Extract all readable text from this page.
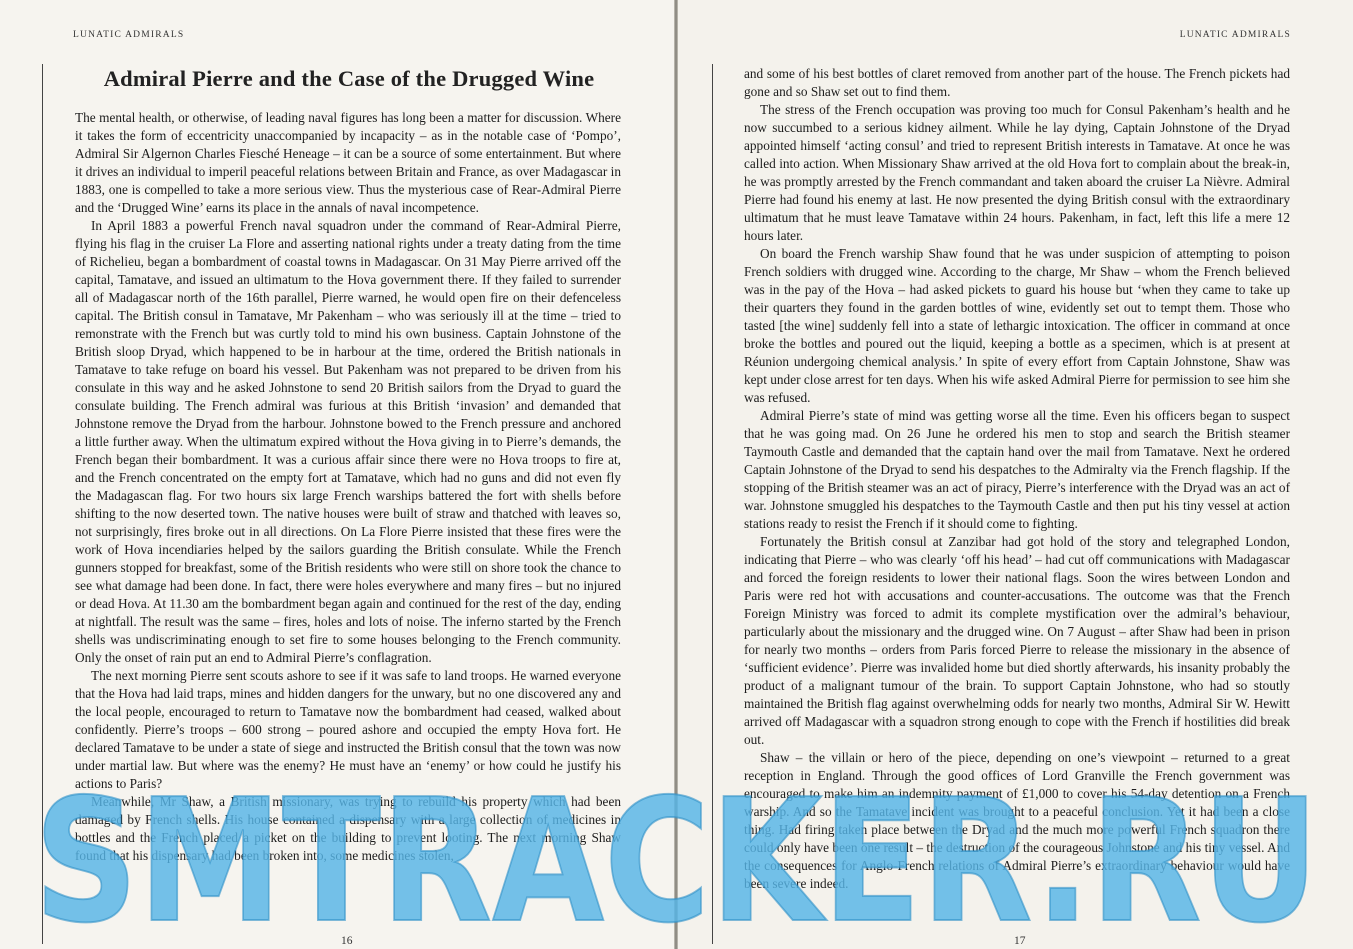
LUNATIC ADMIRALS
Admiral Pierre and the Case of the Drugged Wine

The mental health, or otherwise, of leading naval figures has long been a matter for discussion. Where it takes the form of eccentricity unaccompanied by incapacity – as in the notable case of ‘Pompo’, Admiral Sir Algernon Charles Fiesché Heneage – it can be a source of some entertainment. But where it drives an individual to imperil peaceful relations between Britain and France, as over Madagascar in 1883, one is compelled to take a more serious view. Thus the mysterious case of Rear-Admiral Pierre and the ‘Drugged Wine’ earns its place in the annals of naval incompetence.

In April 1883 a powerful French naval squadron under the command of Rear-Admiral Pierre, flying his flag in the cruiser La Flore and asserting national rights under a treaty dating from the time of Richelieu, began a bombardment of coastal towns in Madagascar. On 31 May Pierre arrived off the capital, Tamatave, and issued an ultimatum to the Hova government there. If they failed to surrender all of Madagascar north of the 16th parallel, Pierre warned, he would open fire on their defenceless capital. The British consul in Tamatave, Mr Pakenham – who was seriously ill at the time – tried to remonstrate with the French but was curtly told to mind his own business. Captain Johnstone of the British sloop Dryad, which happened to be in harbour at the time, ordered the British nationals in Tamatave to take refuge on board his vessel. But Pakenham was not prepared to be driven from his consulate in this way and he asked Johnstone to send 20 British sailors from the Dryad to guard the consulate building. The French admiral was furious at this British ‘invasion’ and demanded that Johnstone remove the Dryad from the harbour. Johnstone bowed to the French pressure and anchored a little further away. When the ultimatum expired without the Hova giving in to Pierre’s demands, the French began their bombardment. It was a curious affair since there were no Hova troops to fire at, and the French concentrated on the empty fort at Tamatave, which had no guns and did not even fly the Madagascan flag. For two hours six large French warships battered the fort with shells before shifting to the now deserted town. The native houses were built of straw and thatched with leaves so, not surprisingly, fires broke out in all directions. On La Flore Pierre insisted that these fires were the work of Hova incendiaries helped by the sailors guarding the British consulate. While the French gunners stopped for breakfast, some of the British residents who were still on shore took the chance to see what damage had been done. In fact, there were holes everywhere and many fires – but no injured or dead Hova. At 11.30 am the bombardment began again and continued for the rest of the day, ending at nightfall. The result was the same – fires, holes and lots of noise. The inferno started by the French shells was undiscriminating enough to set fire to some houses belonging to the French community. Only the onset of rain put an end to Admiral Pierre’s conflagration.

The next morning Pierre sent scouts ashore to see if it was safe to land troops. He warned everyone that the Hova had laid traps, mines and hidden dangers for the unwary, but no one discovered any and the local people, encouraged to return to Tamatave now the bombardment had ceased, walked about confidently. Pierre’s troops – 600 strong – poured ashore and occupied the empty Hova fort. He declared Tamatave to be under a state of siege and instructed the British consul that the town was now under martial law. But where was the enemy? He must have an ‘enemy’ or how could he justify his actions to Paris?

Meanwhile, Mr Shaw, a British missionary, was trying to rebuild his property which had been damaged by French shells. His house contained a dispensary with a large collection of medicines in bottles and the French placed a picket on the building to prevent looting. The next morning Shaw found that his dispensary had been broken into, some medicines stolen,

16
LUNATIC ADMIRALS

and some of his best bottles of claret removed from another part of the house. The French pickets had gone and so Shaw set out to find them.

The stress of the French occupation was proving too much for Consul Pakenham’s health and he now succumbed to a serious kidney ailment. While he lay dying, Captain Johnstone of the Dryad appointed himself ‘acting consul’ and tried to represent British interests in Tamatave. At once he was called into action. When Missionary Shaw arrived at the old Hova fort to complain about the break-in, he was promptly arrested by the French commandant and taken aboard the cruiser La Nièvre. Admiral Pierre had found his enemy at last. He now presented the dying British consul with the extraordinary ultimatum that he must leave Tamatave within 24 hours. Pakenham, in fact, left this life a mere 12 hours later.

On board the French warship Shaw found that he was under suspicion of attempting to poison French soldiers with drugged wine. According to the charge, Mr Shaw – whom the French believed was in the pay of the Hova – had asked pickets to guard his house but ‘when they came to take up their quarters they found in the garden bottles of wine, evidently set out to tempt them. Those who tasted [the wine] suddenly fell into a state of lethargic intoxication. The officer in command at once broke the bottles and poured out the liquid, keeping a bottle as a specimen, which is at present at Réunion undergoing chemical analysis.’ In spite of every effort from Captain Johnstone, Shaw was kept under close arrest for ten days. When his wife asked Admiral Pierre for permission to see him she was refused.

Admiral Pierre’s state of mind was getting worse all the time. Even his officers began to suspect that he was going mad. On 26 June he ordered his men to stop and search the British steamer Taymouth Castle and demanded that the captain hand over the mail from Tamatave. Next he ordered Captain Johnstone of the Dryad to send his despatches to the Admiralty via the French flagship. If the stopping of the British steamer was an act of piracy, Pierre’s interference with the Dryad was an act of war. Johnstone smuggled his despatches to the Taymouth Castle and then put his tiny vessel at action stations ready to resist the French if it should come to fighting.

Fortunately the British consul at Zanzibar had got hold of the story and telegraphed London, indicating that Pierre – who was clearly ‘off his head’ – had cut off communications with Madagascar and forced the foreign residents to lower their national flags. Soon the wires between London and Paris were red hot with accusations and counter-accusations. The outcome was that the French Foreign Ministry was forced to admit its complete mystification over the admiral’s behaviour, particularly about the missionary and the drugged wine. On 7 August – after Shaw had been in prison for nearly two months – orders from Paris forced Pierre to release the missionary in the absence of ‘sufficient evidence’. Pierre was invalided home but died shortly afterwards, his insanity probably the product of a malignant tumour of the brain. To support Captain Johnstone, who had so stoutly maintained the British flag against overwhelming odds for nearly two months, Admiral Sir W. Hewitt arrived off Madagascar with a squadron strong enough to cope with the French if hostilities did break out.

Shaw – the villain or hero of the piece, depending on one’s viewpoint – returned to a great reception in England. Through the good offices of Lord Granville the French government was encouraged to make him an indemnity payment of £1,000 to cover his 54-day detention on a French warship. And so the Tamatave incident was brought to a peaceful conclusion. Yet it had been a close thing. Had firing taken place between the Dryad and the much more powerful French squadron there could only have been one result – the destruction of the courageous Johnstone and his tiny vessel. And the consequences for Anglo-French relations of Admiral Pierre’s extraordinary behaviour would have been severe indeed.

17
SMTRACKER.RU
